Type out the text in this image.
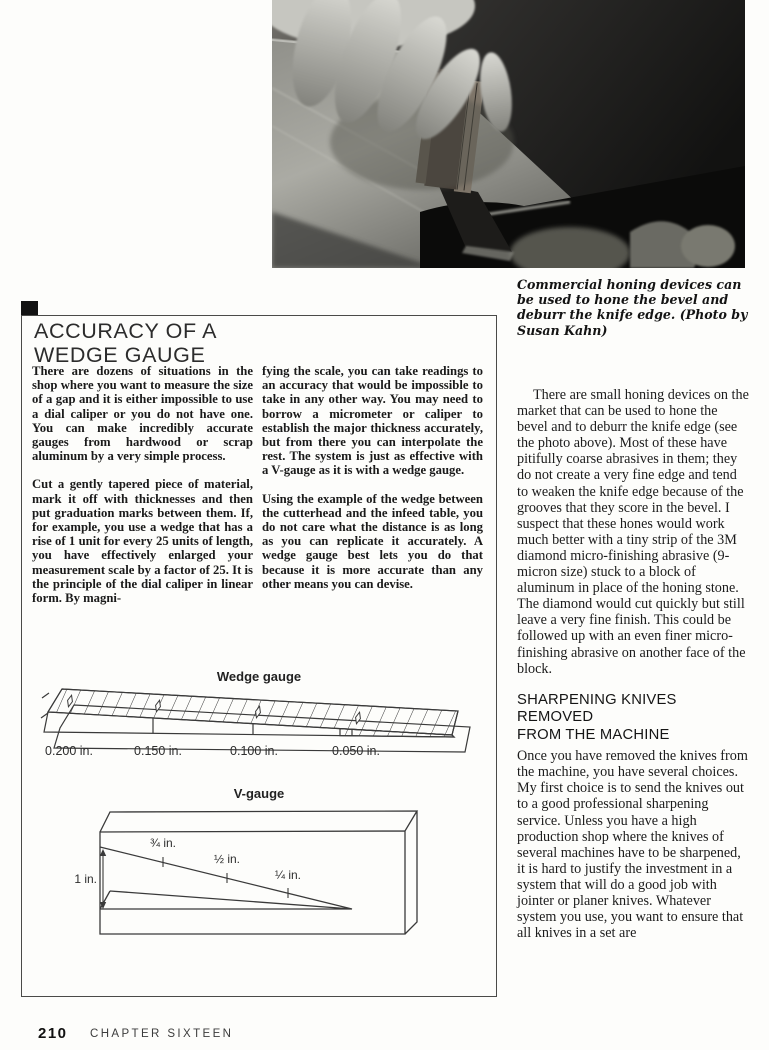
Commercial honing devices can be used to hone the bevel and deburr the knife edge. (Photo by Susan Kahn)
ACCURACY OF A
WEDGE GAUGE

There are dozens of situations in the shop where you want to measure the size of a gap and it is either impossible to use a dial caliper or you do not have one. You can make incredibly accurate gauges from hardwood or scrap aluminum by a very simple process.

Cut a gently tapered piece of material, mark it off with thicknesses and then put graduation marks between them. If, for example, you use a wedge that has a rise of 1 unit for every 25 units of length, you have effectively enlarged your measurement scale by a factor of 25. It is the principle of the dial caliper in linear form. By magni-

fying the scale, you can take readings to an accuracy that would be impossible to take in any other way. You may need to borrow a micrometer or caliper to establish the major thickness accurately, but from there you can interpolate the rest. The system is just as effective with a V-gauge as it is with a wedge gauge.

Using the example of the wedge between the cutterhead and the infeed table, you do not care what the distance is as long as you can replicate it accurately. A wedge gauge best lets you do that because it is more accurate than any other means you can devise.

Wedge gauge
0.200 in.	0.150 in.	0.100 in.	0.050 in.
V-gauge
1 in.
¾ in.
½ in.
¼ in.

There are small honing devices on the market that can be used to hone the bevel and to deburr the knife edge (see the photo above). Most of these have pitifully coarse abrasives in them; they do not create a very fine edge and tend to weaken the knife edge because of the grooves that they score in the bevel. I suspect that these hones would work much better with a tiny strip of the 3M diamond micro-finishing abrasive (9-micron size) stuck to a block of aluminum in place of the honing stone. The diamond would cut quickly but still leave a very fine finish. This could be followed up with an even finer micro-finishing abrasive on another face of the block.

SHARPENING KNIVES REMOVED
FROM THE MACHINE

Once you have removed the knives from the machine, you have several choices. My first choice is to send the knives out to a good professional sharpening service. Unless you have a high production shop where the knives of several machines have to be sharpened, it is hard to justify the investment in a system that will do a good job with jointer or planer knives. Whatever system you use, you want to ensure that all knives in a set are

210 CHAPTER SIXTEEN
